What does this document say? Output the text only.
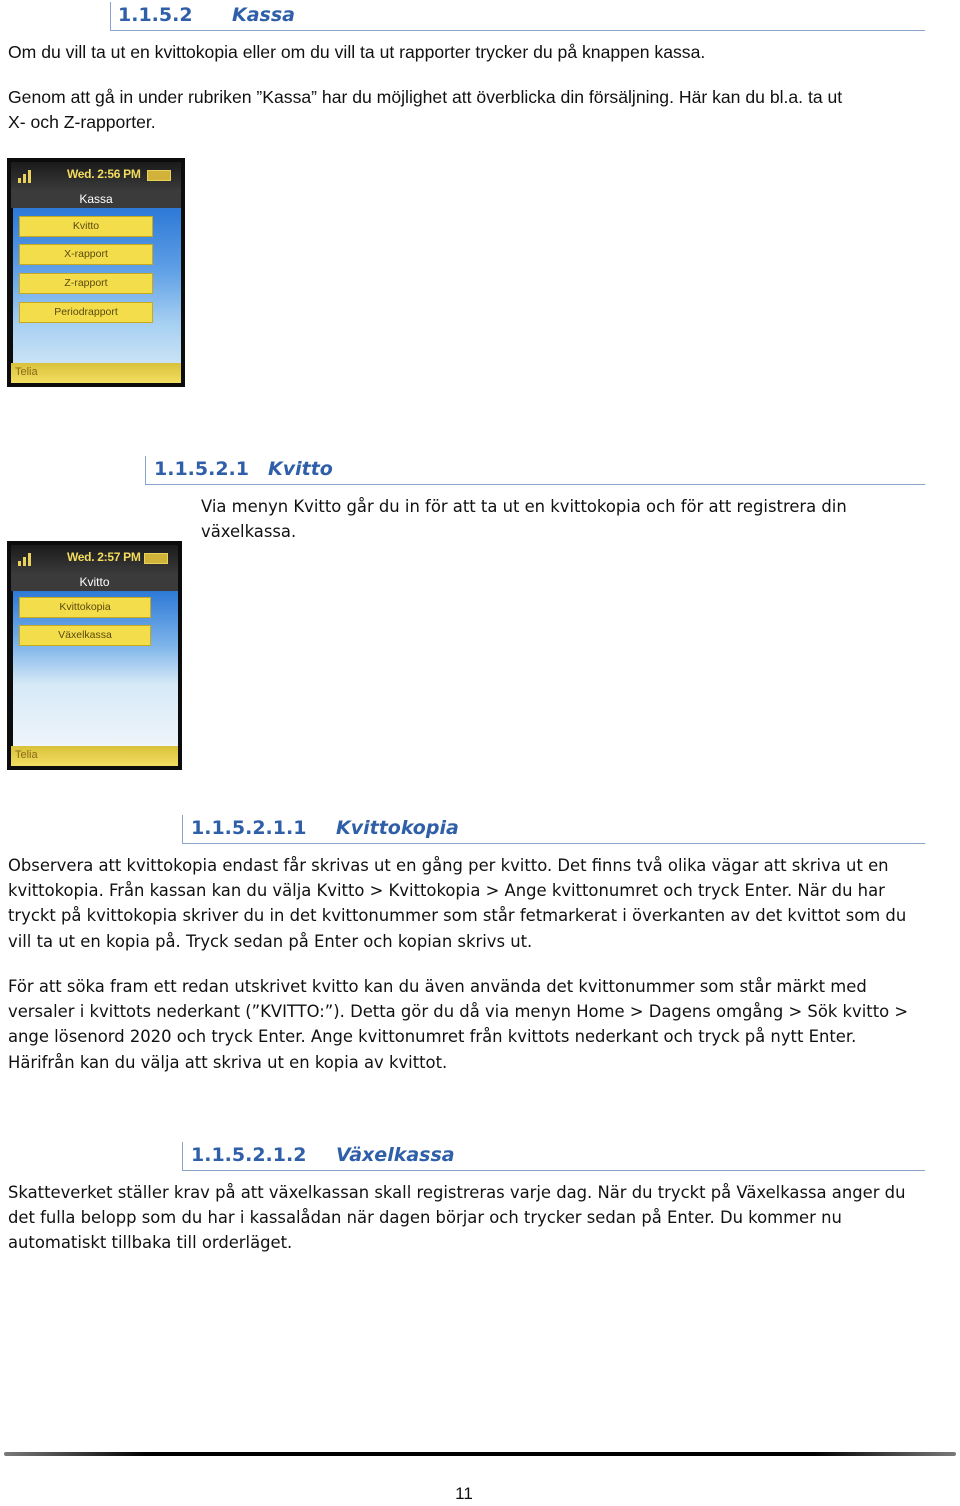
1.1.5.2 Kassa
Om du vill ta ut en kvittokopia eller om du vill ta ut rapporter trycker du på knappen kassa.
Genom att gå in under rubriken ”Kassa” har du möjlighet att överblicka din försäljning. Här kan du bl.a. ta ut
X- och Z-rapporter.
Wed. 2:56 PM
Kassa
Kvitto
X-rapport
Z-rapport
Periodrapport
Telia
1.1.5.2.1 Kvitto
Via menyn Kvitto går du in för att ta ut en kvittokopia och för att registrera din
växelkassa.
Wed. 2:57 PM
Kvitto
Kvittokopia
Växelkassa
Telia
1.1.5.2.1.1 Kvittokopia
Observera att kvittokopia endast får skrivas ut en gång per kvitto. Det finns två olika vägar att skriva ut en
kvittokopia. Från kassan kan du välja Kvitto > Kvittokopia > Ange kvittonumret och tryck Enter. När du har
tryckt på kvittokopia skriver du in det kvittonummer som står fetmarkerat i överkanten av det kvittot som du
vill ta ut en kopia på. Tryck sedan på Enter och kopian skrivs ut.
För att söka fram ett redan utskrivet kvitto kan du även använda det kvittonummer som står märkt med
versaler i kvittots nederkant (”KVITTO:”). Detta gör du då via menyn Home > Dagens omgång > Sök kvitto >
ange lösenord 2020 och tryck Enter. Ange kvittonumret från kvittots nederkant och tryck på nytt Enter.
Härifrån kan du välja att skriva ut en kopia av kvittot.
1.1.5.2.1.2 Växelkassa
Skatteverket ställer krav på att växelkassan skall registreras varje dag. När du tryckt på Växelkassa anger du
det fulla belopp som du har i kassalådan när dagen börjar och trycker sedan på Enter. Du kommer nu
automatiskt tillbaka till orderläget.
11
